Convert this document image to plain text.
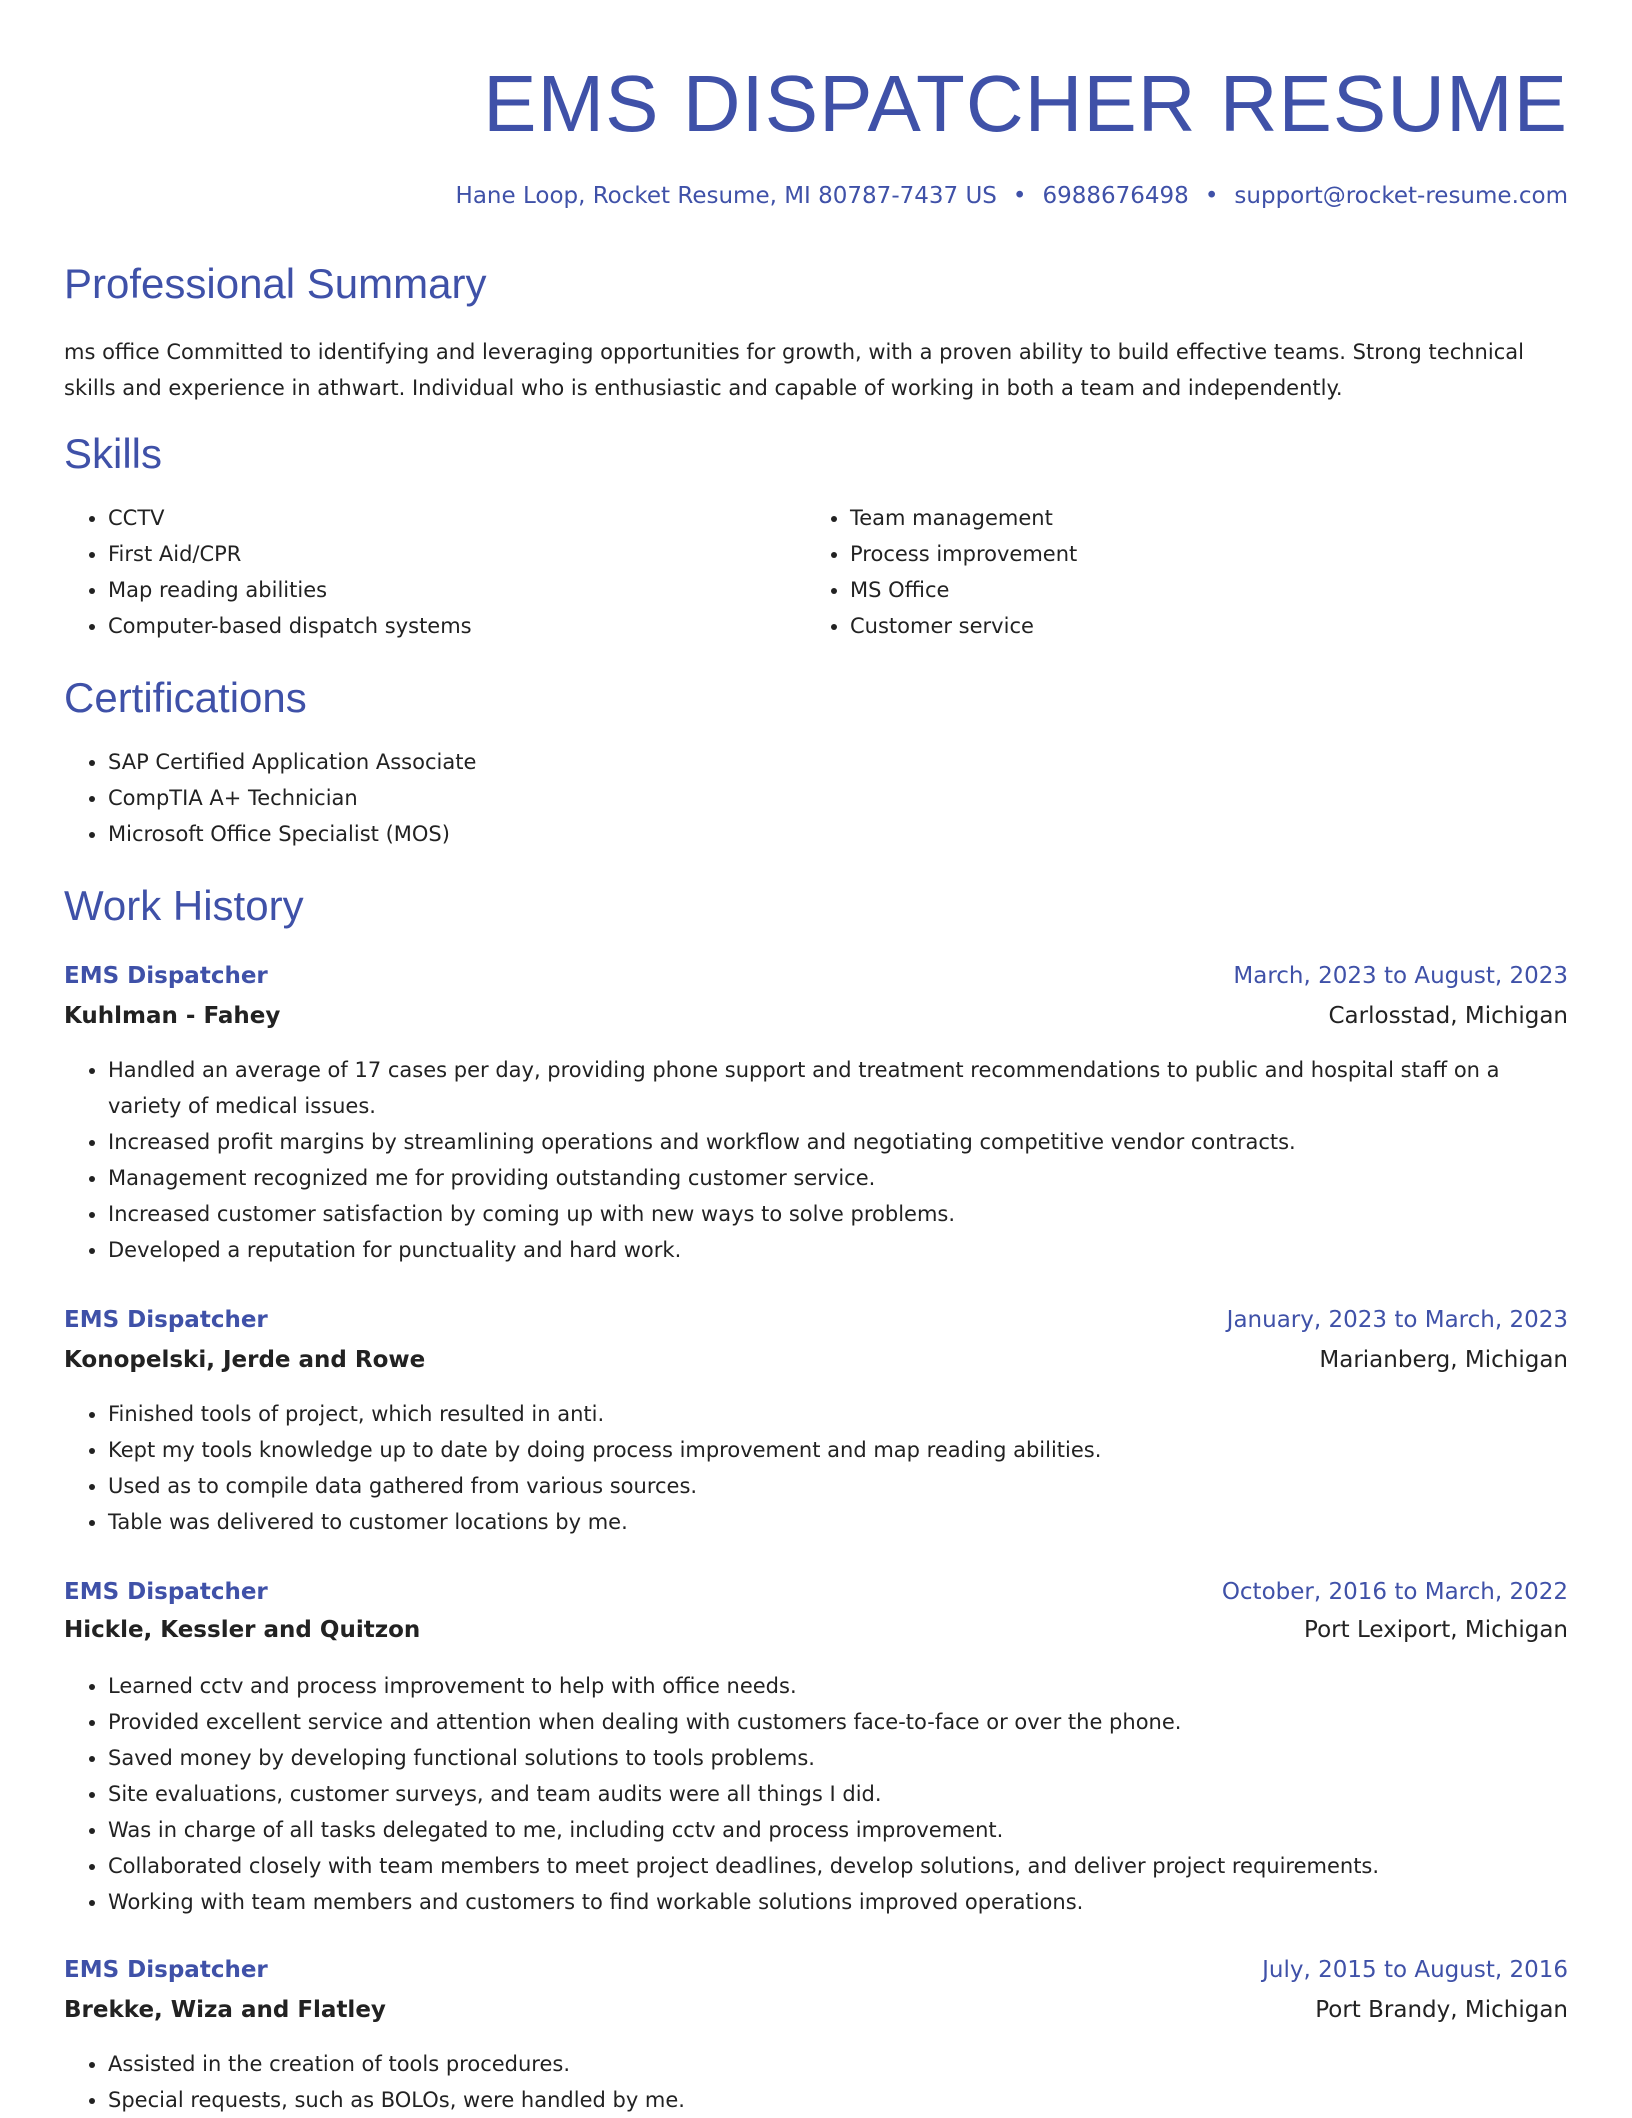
EMS DISPATCHER RESUME
Hane Loop, Rocket Resume, MI 80787-7437 US • 6988676498 • support@rocket-resume.com
Professional Summary

ms office Committed to identifying and leveraging opportunities for growth, with a proven ability to build effective teams. Strong technical skills and experience in athwart. Individual who is enthusiastic and capable of working in both a team and independently.

Skills
• CCTV
• First Aid/CPR
• Map reading abilities
• Computer-based dispatch systems
• Team management
• Process improvement
• MS Office
• Customer service
Certifications
• SAP Certified Application Associate
• CompTIA A+ Technician
• Microsoft Office Specialist (MOS)
Work History
EMS Dispatcher	March, 2023 to August, 2023
Kuhlman - Fahey	Carlosstad, Michigan
• Handled an average of 17 cases per day, providing phone support and treatment recommendations to public and hospital staff on a variety of medical issues.
• Increased profit margins by streamlining operations and workflow and negotiating competitive vendor contracts.
• Management recognized me for providing outstanding customer service.
• Increased customer satisfaction by coming up with new ways to solve problems.
• Developed a reputation for punctuality and hard work.
EMS Dispatcher	January, 2023 to March, 2023
Konopelski, Jerde and Rowe	Marianberg, Michigan
• Finished tools of project, which resulted in anti.
• Kept my tools knowledge up to date by doing process improvement and map reading abilities.
• Used as to compile data gathered from various sources.
• Table was delivered to customer locations by me.
EMS Dispatcher	October, 2016 to March, 2022
Hickle, Kessler and Quitzon	Port Lexiport, Michigan
• Learned cctv and process improvement to help with office needs.
• Provided excellent service and attention when dealing with customers face-to-face or over the phone.
• Saved money by developing functional solutions to tools problems.
• Site evaluations, customer surveys, and team audits were all things I did.
• Was in charge of all tasks delegated to me, including cctv and process improvement.
• Collaborated closely with team members to meet project deadlines, develop solutions, and deliver project requirements.
• Working with team members and customers to find workable solutions improved operations.
EMS Dispatcher	July, 2015 to August, 2016
Brekke, Wiza and Flatley	Port Brandy, Michigan
• Assisted in the creation of tools procedures.
• Special requests, such as BOLOs, were handled by me.
